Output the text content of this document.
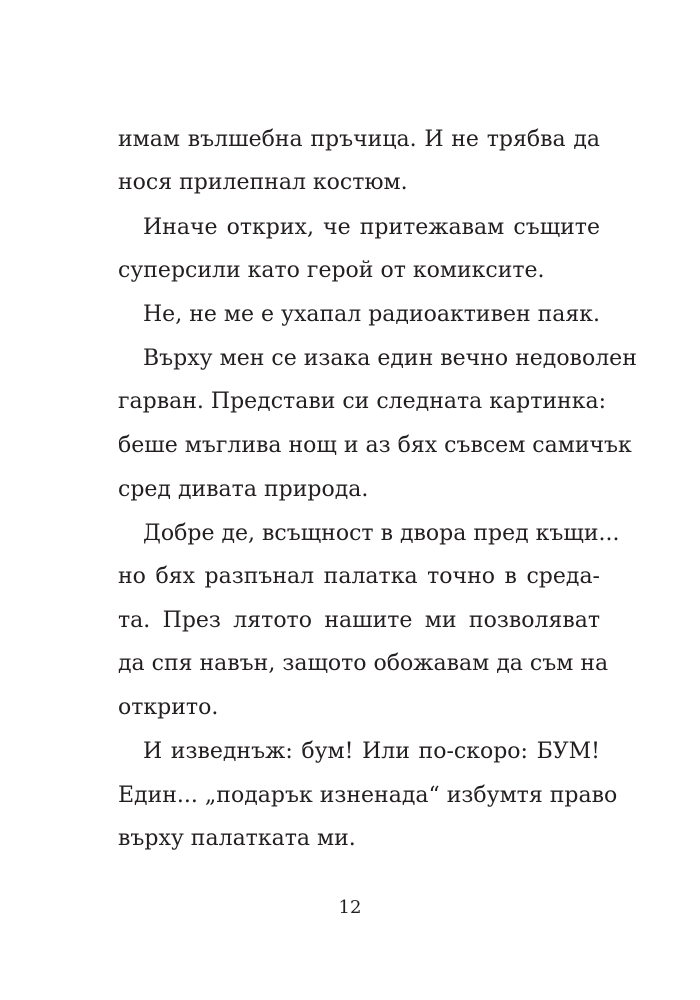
имам вълшебна пръчица. И не трябва да

нося прилепнал костюм.

Иначе открих, че притежавам същите

суперсили като герой от комиксите.

Не, не ме е ухапал радиоактивен паяк.

Върху мен се изака един вечно недоволен

гарван. Представи си следната картинка:

беше мъглива нощ и аз бях съвсем самичък

сред дивата природа.

Добре де, всъщност в двора пред къщи...

но бях разпънал палатка точно в среда-

та. През лятото нашите ми позволяват

да спя навън, защото обожавам да съм на

открито.

И изведнъж: бум! Или по-скоро: БУМ!

Един... „подарък изненада“ избумтя право

върху палатката ми.

12
